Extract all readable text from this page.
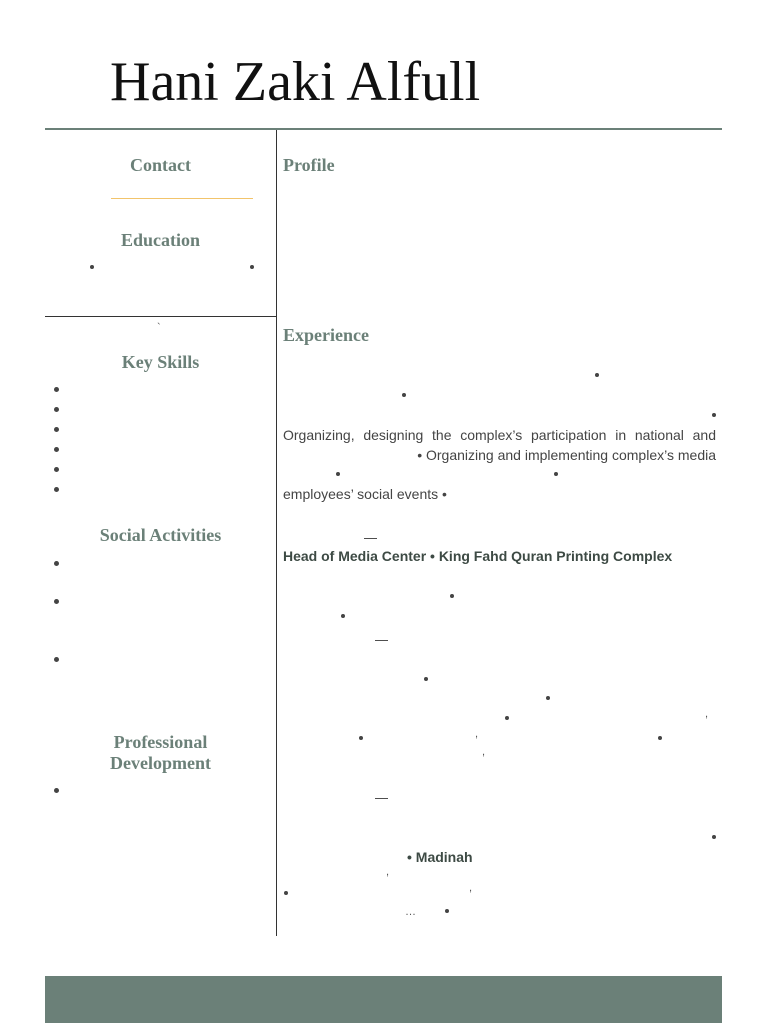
Hani Zaki Alfull
Contact
Education
`
Key Skills
Social Activities
Professional
Development
Profile
Experience
Organizing, designing the complex’s participation in national and
• Organizing and implementing complex’s media
employees’ social events •
—
Head of Media Center • King Fahd Quran Printing Complex
—
,
,
,
—
• Madinah
,
,
…
